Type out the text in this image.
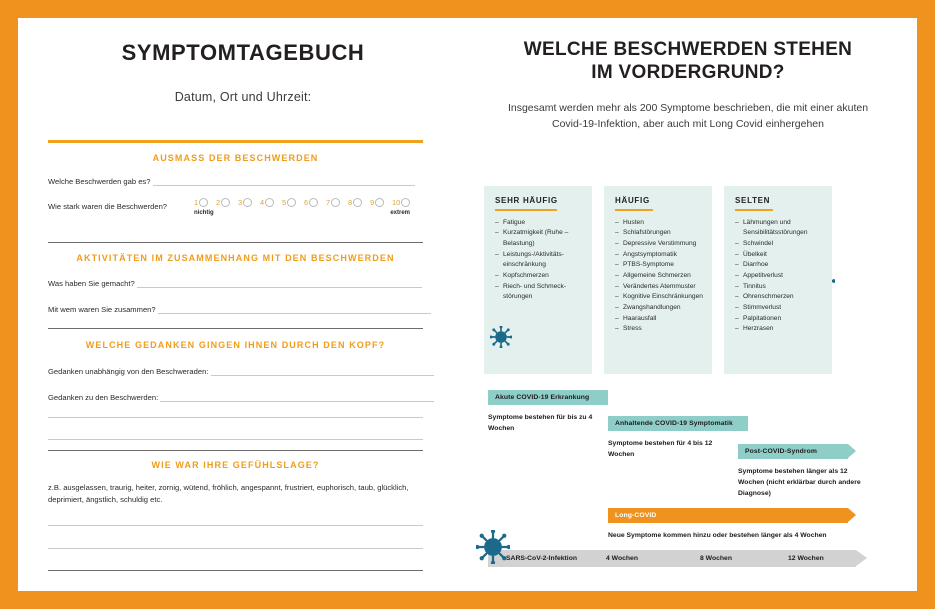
SYMPTOMTAGEBUCH
Datum, Ort und Uhrzeit:
AUSMASS DER BESCHWERDEN
Welche Beschwerden gab es?
Wie stark waren die Beschwerden?	1 2 3 4 5 6 7 8 9 10
nichtig	extrem
AKTIVITÄTEN IM ZUSAMMENHANG MIT DEN BESCHWERDEN
Was haben Sie gemacht?
Mit wem waren Sie zusammen?
WELCHE GEDANKEN GINGEN IHNEN DURCH DEN KOPF?
Gedanken unabhängig von den Beschweraden:
Gedanken zu den Beschwerden:
WIE WAR IHRE GEFÜHLSLAGE?
z.B. ausgelassen, traurig, heiter, zornig, wütend, fröhlich, angespannt, frustriert, euphorisch, taub, glücklich, deprimiert, ängstlich, schuldig etc.
WELCHE BESCHWERDEN STEHEN
IM VORDERGRUND?
Insgesamt werden mehr als 200 Symptome beschrieben, die mit einer akuten Covid-19-Infektion, aber auch mit Long Covid einhergehen
SEHR HÄUFIG
– Fatigue
– Kurzatmigkeit (Ruhe – Belastung)
– Leistungs-/Aktivitäts-einschränkung
– Kopfschmerzen
– Riech- und Schmeck-störungen
HÄUFIG
– Husten
– Schlafstörungen
– Depressive Verstimmung
– Angstsymptomatik
– PTBS-Symptome
– Allgemeine Schmerzen
– Verändertes Atemmuster
– Kognitive Einschränkungen
– Zwangshandlungen
– Haarausfall
– Stress
SELTEN
– Lähmungen und Sensibilitätsstörungen
– Schwindel
– Übelkeit
– Diarrhoe
– Appetitverlust
– Tinnitus
– Ohrenschmerzen
– Stimmverlust
– Palpitationen
– Herzrasen
Akute COVID-19 Erkrankung
Symptome bestehen für bis zu 4 Wochen
Anhaltende COVID-19 Symptomatik
Symptome bestehen für 4 bis 12 Wochen	Post-COVID-Syndrom
Symptome bestehen länger als 12 Wochen (nicht erklärbar durch andere Diagnose)
Long-COVID
Neue Symptome kommen hinzu oder bestehen länger als 4 Wochen
SARS-CoV-2-Infektion	4 Wochen	8 Wochen	12 Wochen
